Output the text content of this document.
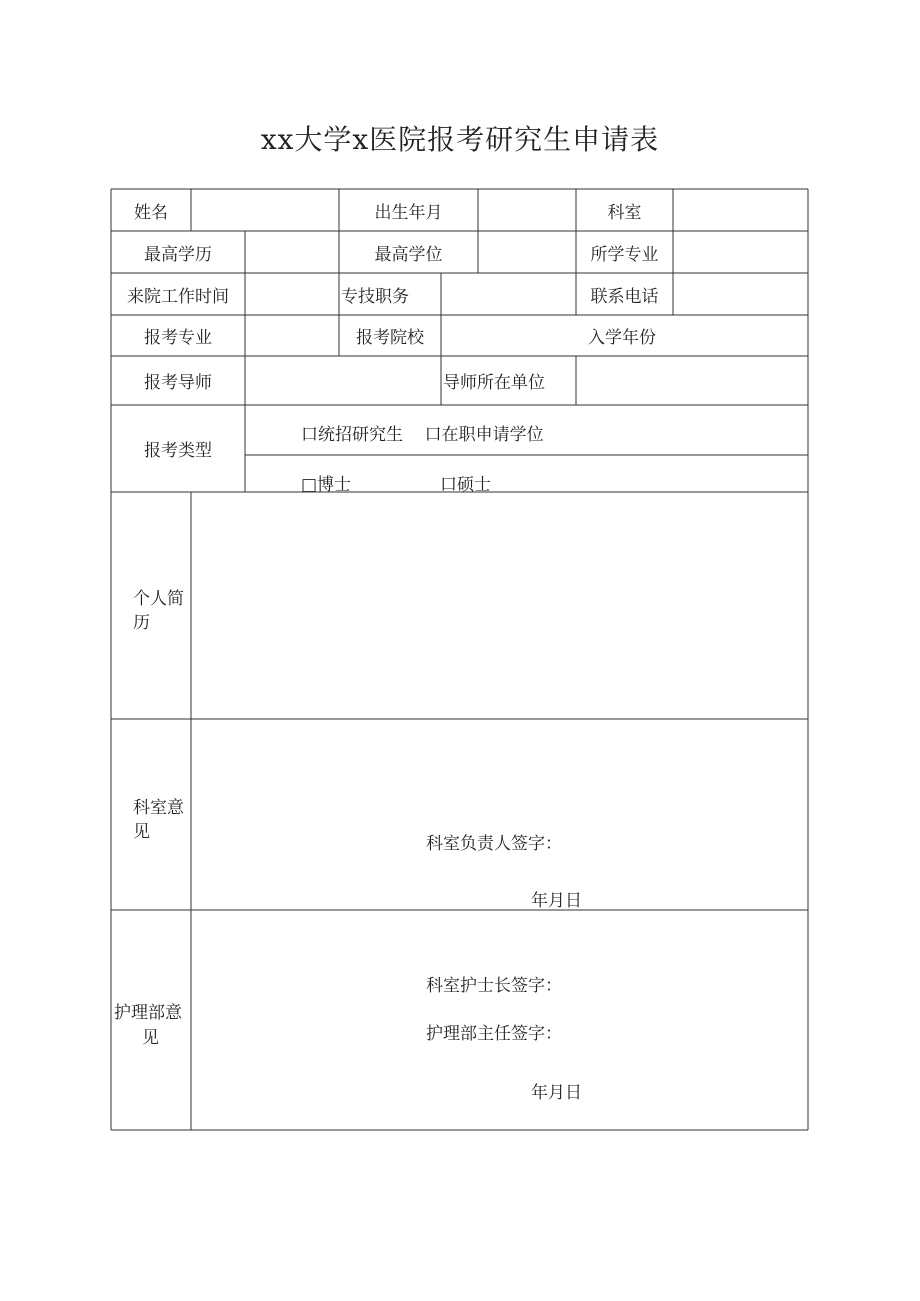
xx大学x医院报考研究生申请表
姓名	出生年月	科室
最高学历	最高学位	所学专业
来院工作时间	专技职务	联系电话
报考专业	报考院校	入学年份
报考导师	导师所在单位
报考类型
口统招研究生    口在职申请学位
□博士	口硕士
个人简
历
科室意
见
科室负责人签字：
年月日
护理部意
见
科室护士长签字：
护理部主任签字：
年月日
